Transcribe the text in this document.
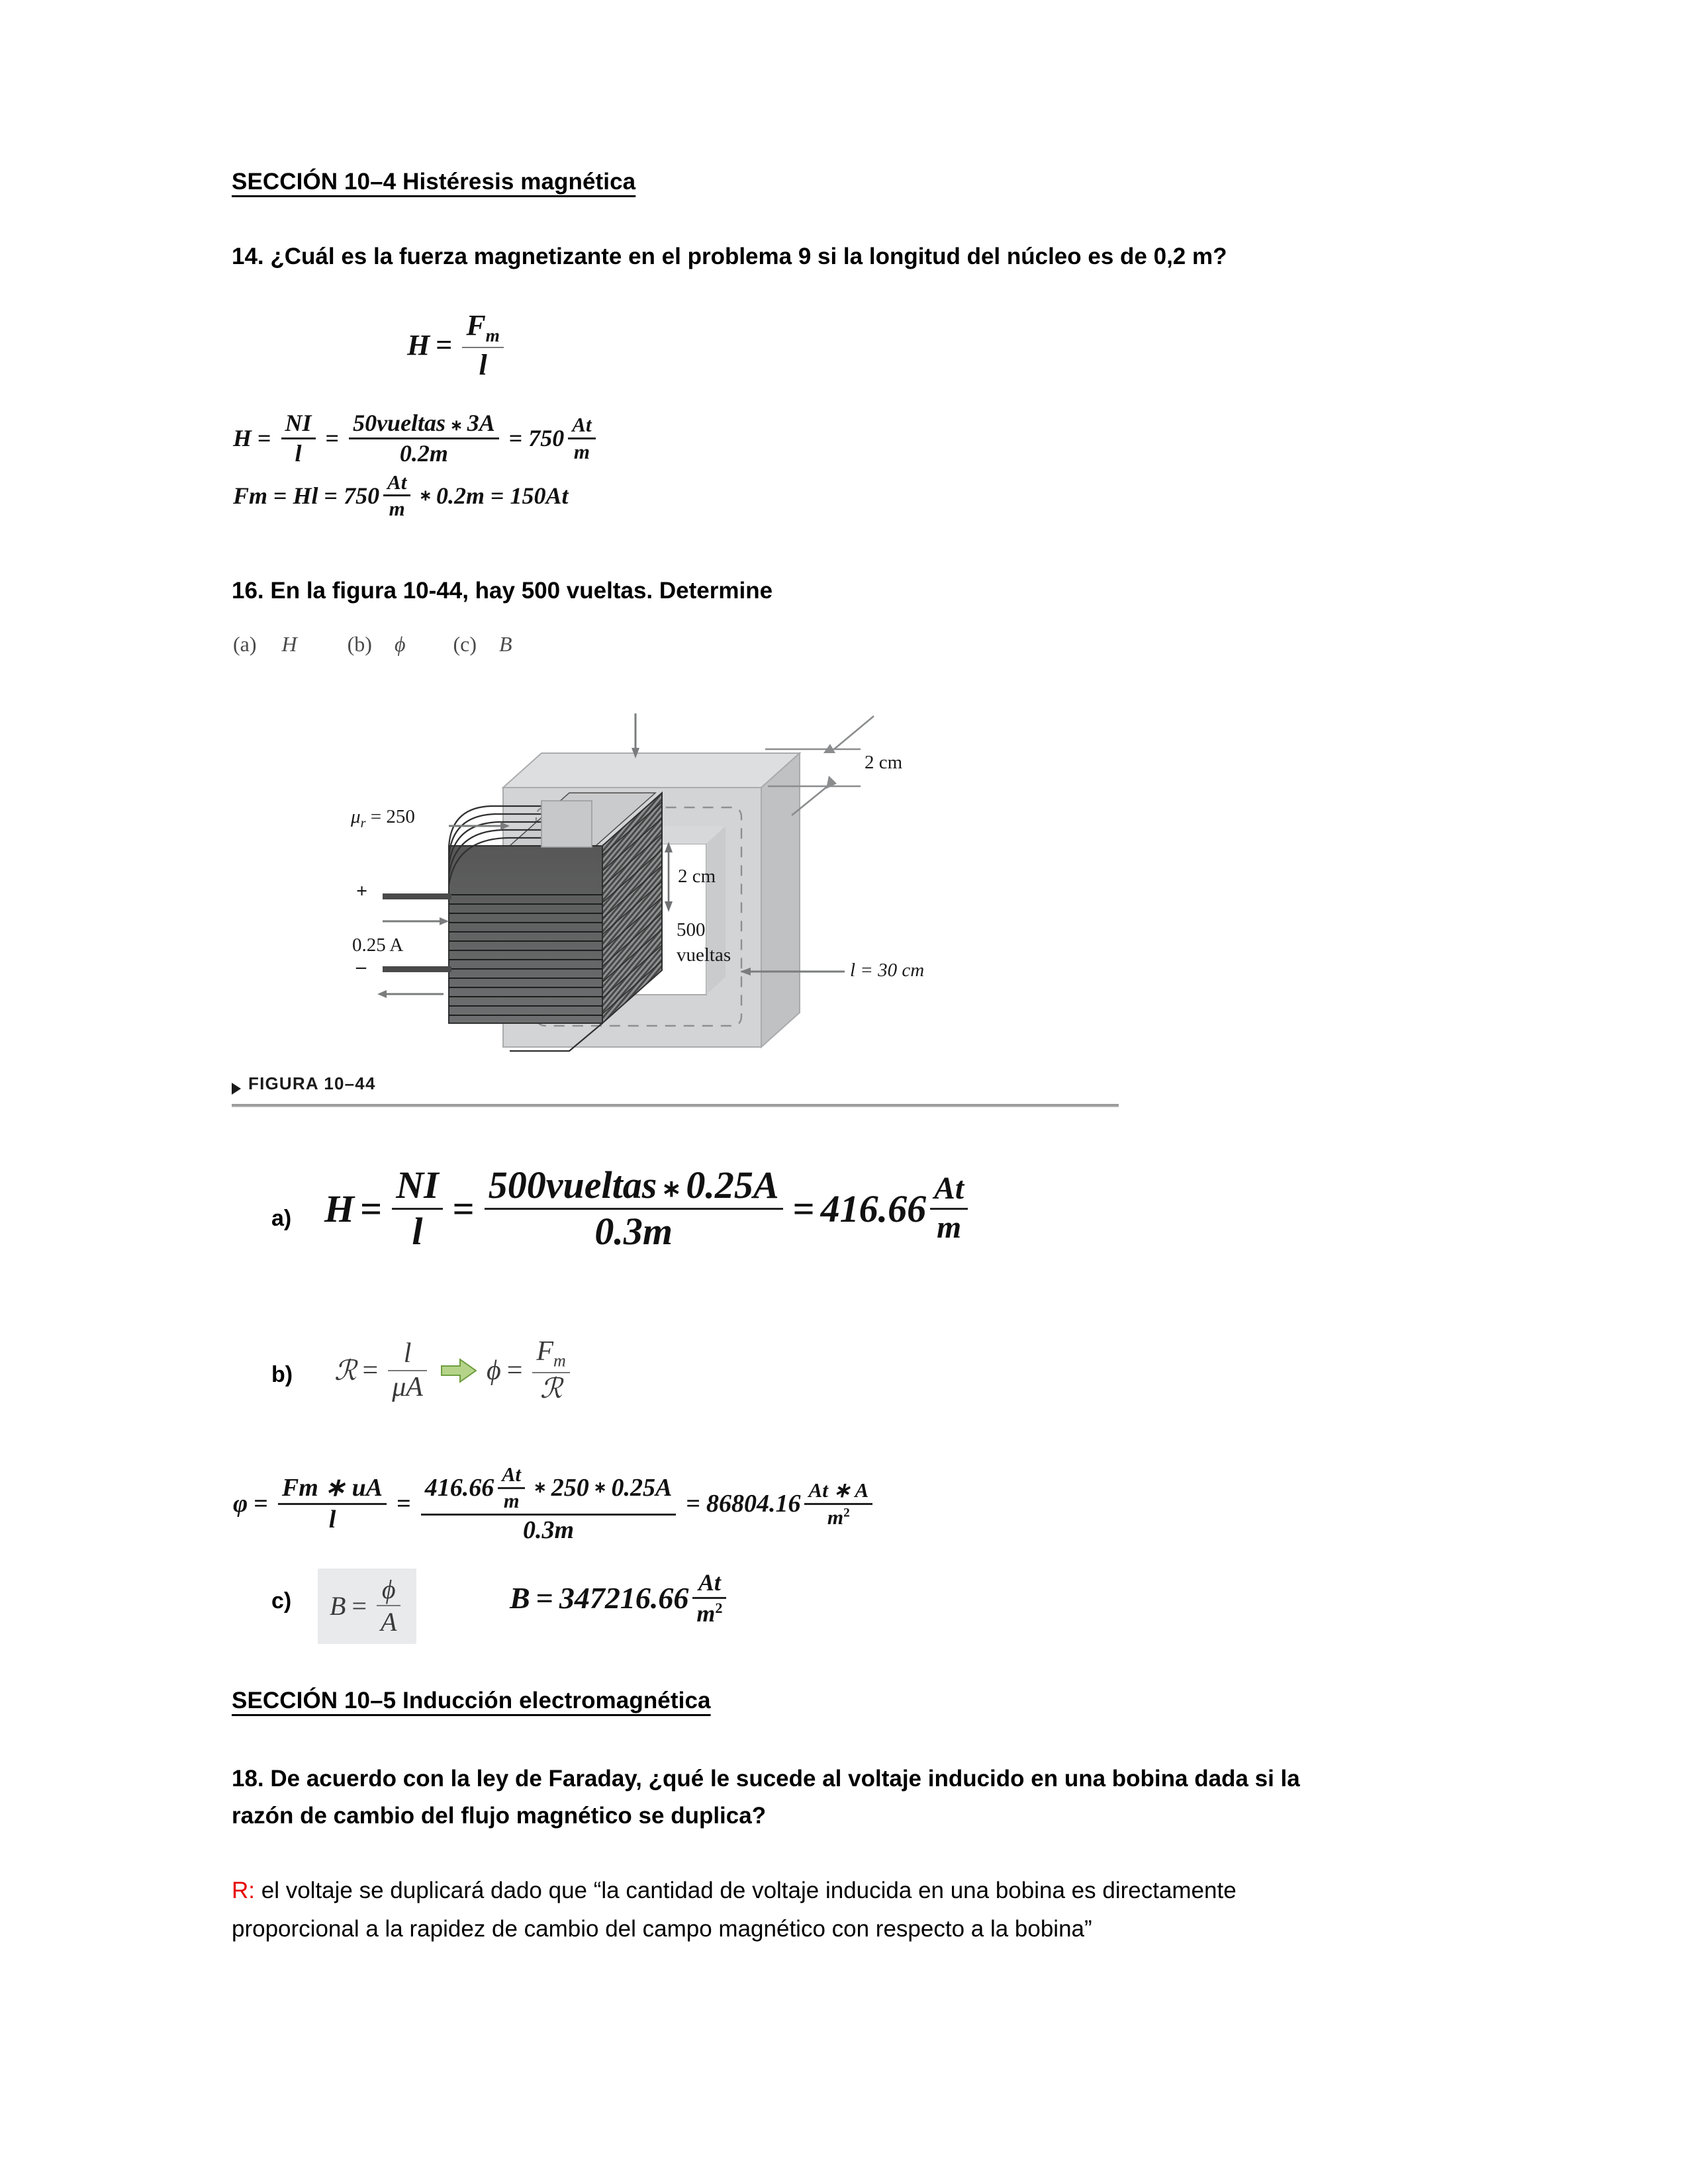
SECCIÓN 10–4 Histéresis magnética
14. ¿Cuál es la fuerza magnetizante en el problema 9 si la longitud del núcleo es de 0,2 m?
$H = \frac{F_m}{l}$
$H = \frac{NI}{l} = \frac{\text{50vueltas ∗ 3A}}{0.2m} = 750 \frac{At}{m}$
$Fm = Hl = 750 \frac{At}{m}$ ∗ 0.2m = 150At
16. En la figura 10-44, hay 500 vueltas. Determine
(a) H (b) ϕ (c) B
$\mu_r = 250$
+
–
0.25 A
2 cm
500
vueltas
2 cm
l = 30 cm
FIGURA 10–44
a) $H = \frac{NI}{l} = \frac{\text{500vueltas ∗ 0.25A}}{0.3m} = 416.66 \frac{At}{m}$
b) ℛ = $\frac{l}{\mu A}$ $\phi = \frac{F_m}{\text{ℛ}}$
$\varphi = \frac{Fm ∗ uA}{l}$ =
$416.66 \frac{At}{m}$ ∗ 250 ∗ 0.25A
0.3m
= $86804.16 \frac{At ∗ A}{m^2}$
c) $B = \frac{\phi}{A}$	$B = 347216.66 \frac{At}{m^2}$
SECCIÓN 10–5 Inducción electromagnética
18. De acuerdo con la ley de Faraday, ¿qué le sucede al voltaje inducido en una bobina dada si la
razón de cambio del flujo magnético se duplica?
R: el voltaje se duplicará dado que “la cantidad de voltaje inducida en una bobina es directamente
proporcional a la rapidez de cambio del campo magnético con respecto a la bobina”
